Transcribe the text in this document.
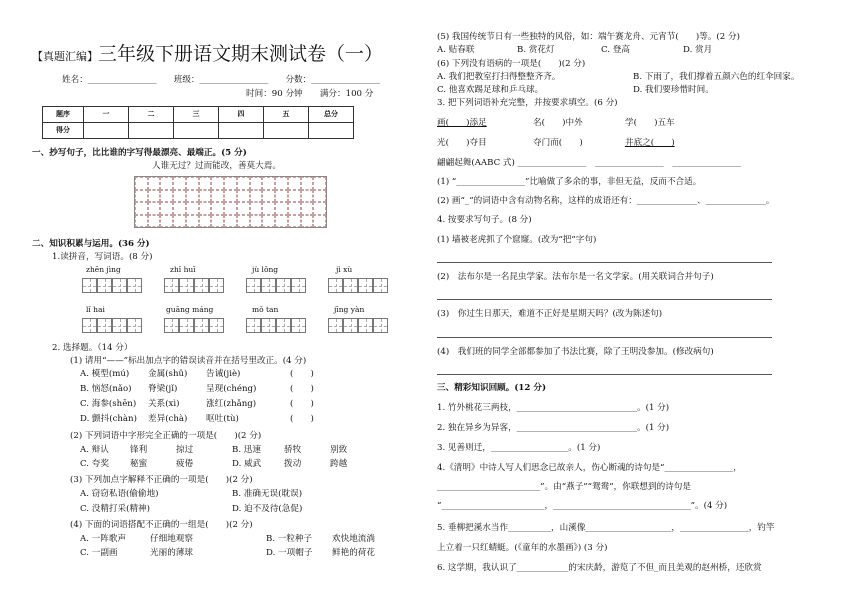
【真题汇编】三年级下册语文期末测试卷（一）
姓名：________________　　班级：________________　　分数：________________
时间：90 分钟　　满分：100 分
题序	一	二	三	四	五	总分
得分						
一、抄写句子，比比谁的字写得最漂亮、最端正。(5 分)
人谁无过？过而能改，善莫大焉。
二、知识积累与运用。(36 分)
1.读拼音，写词语。(8 分)
zhēn jìng	zhǐ huī	jù lǒng	jì xù
lǐ hai	guāng máng	mǒ tan	jīng yàn
2. 选择题。（14 分）
(1) 请用“——”标出加点字的错误读音并在括号里改正。(4 分)
A. 模型(mú) 金属(shǔ) 告诫(jiè)	(　　)
B. 恼怒(nǎo) 脊梁(jǐ)	呈现(chéng)	(　　)
C. 海参(shēn) 关系(xì)	涨红(zhǎng)	(　　)
D. 颤抖(chàn) 差异(chà) 呕吐(tù)	(　　)
(2) 下列词语中字形完全正确的一项是(　　)(2 分)
A. 辩认 锋利	掠过	B. 迅速	骄牧	别致
C. 夸奖 秘蜜	疲倦	D. 威武	拨动	跨越
(3) 下列加点字解释不正确的一项是(　　)(2 分)
A. 窃窃私语(偷偷地)	B. 准确无误(耽误)
C. 没精打采(精神)	D. 迫不及待(急促)
(4) 下面的词语搭配不正确的一组是(　　)(2 分)
A. 一阵歌声	仔细地观察	B. 一粒种子 欢快地流淌
C. 一副画	光丽的薄球	D. 一项帽子 鲜艳的荷花
(5) 我国传统节日有一些独特的风俗，如：端午赛龙舟、元宵节(　　)等。(2 分)
A. 贴春联	B. 赏花灯	C. 登高	D. 赏月
(6) 下列没有语病的一项是(　　)(2 分)
A. 我们把教室打扫得整整齐齐。	B. 下雨了，我们撑着五颜六色的红伞回家。
C. 他喜欢踢足球和乒乓球。	D. 我们要珍惜时间。
3. 把下列词语补充完整，并按要求填空。(6 分)
画(　　)添足	名(　　)中外	学(　　)五车
光(　　)夺目	夺门而(　　)	井底之(　　)
翩翩起舞(AABC 式) ________________　________________　________________
(1) “________________”比喻做了多余的事，非但无益，反而不合适。
(2) 画“_”的词语中含有动物名称，这样的成语还有：______________、______________。
4. 按要求写句子。(8 分)
(1) 墙被老虎抓了个窟窿。(改为“把”字句)
(2)　法布尔是一名昆虫学家。法布尔是一名文学家。(用关联词合并句子)
(3)　你过生日那天，难道不正好是星期天吗？(改为陈述句)
(4)　我们班的同学全部都参加了书法比赛，除了王明没参加。(修改病句)
三、精彩知识回顾。(12 分)
1. 竹外桃花三两枝，____________________________。(1 分)
2. 独在异乡为异客，____________________________。(1 分)
3. 见善则迁，__________________。(1 分)
4.《清明》中诗人写人们思念已故亲人，伤心断魂的诗句是“________________，
________________________”。由“燕子”“鸳鸯”，你联想到的诗句是
“________________________，________________________________”。(4 分)
5. 垂柳把溪水当作__________，山溪像____________________，________________，钓竿
上立着一只红蜻蜓。(《童年的水墨画》) (3 分)
6. 这学期，我认识了____________的宋庆龄，游览了不但_而且美观的赵州桥，还欣赏
